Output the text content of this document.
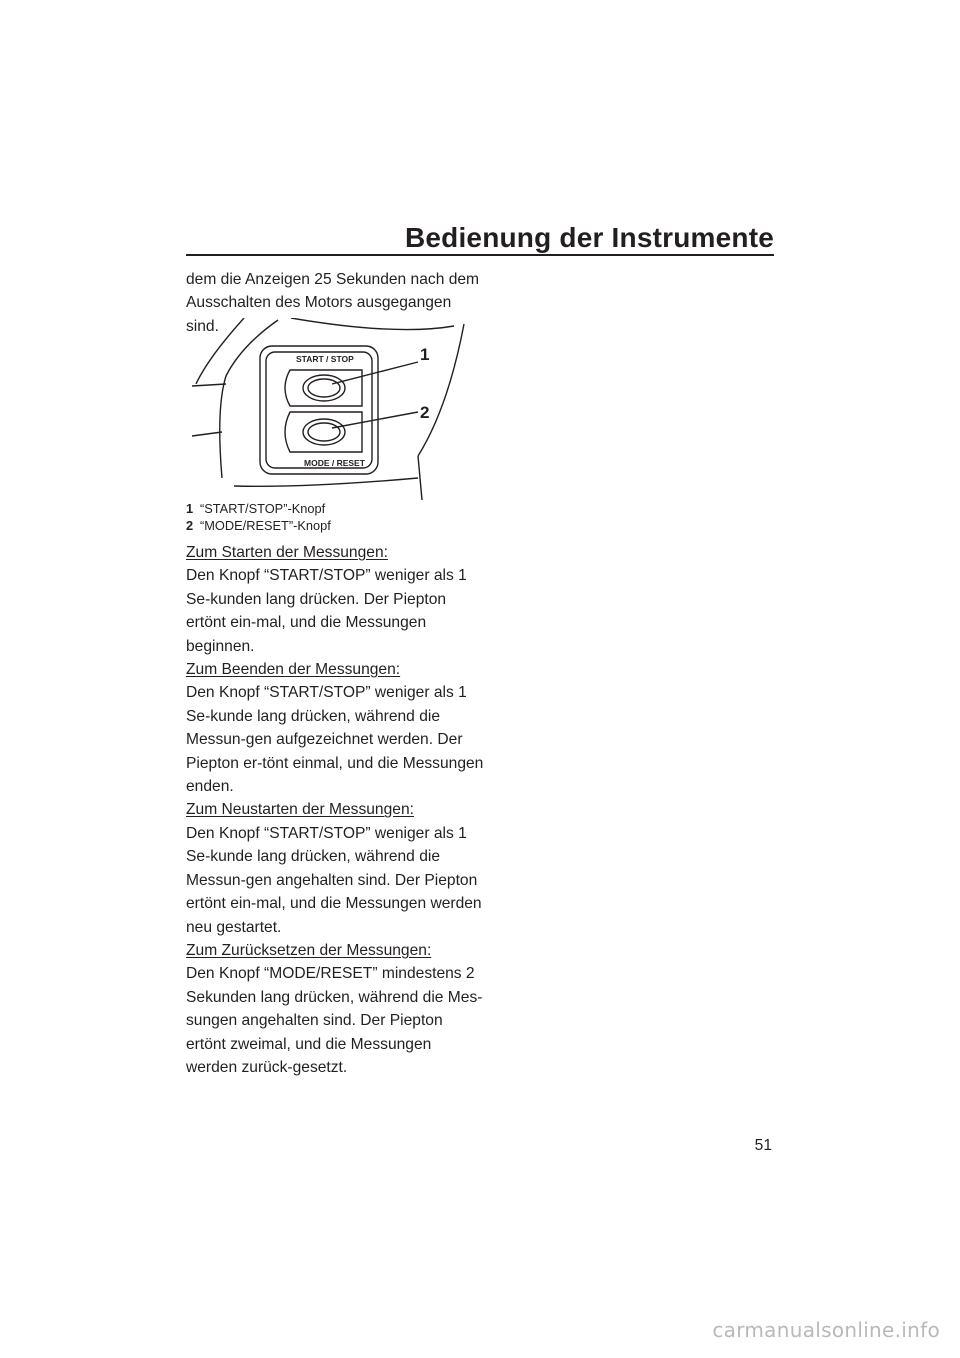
Bedienung der Instrumente
dem die Anzeigen 25 Sekunden nach dem Ausschalten des Motors ausgegangen sind.
START / STOP
MODE / RESET
1
2
1 “START/STOP”-Knopf
2 “MODE/RESET”-Knopf

Zum Starten der Messungen:

Den Knopf “START/STOP” weniger als 1 Se-kunden lang drücken. Der Piepton ertönt ein-mal, und die Messungen beginnen.

Zum Beenden der Messungen:

Den Knopf “START/STOP” weniger als 1 Se-kunde lang drücken, während die Messun-gen aufgezeichnet werden. Der Piepton er-tönt einmal, und die Messungen enden.

Zum Neustarten der Messungen:

Den Knopf “START/STOP” weniger als 1 Se-kunde lang drücken, während die Messun-gen angehalten sind. Der Piepton ertönt ein-mal, und die Messungen werden neu gestartet.

Zum Zurücksetzen der Messungen:

Den Knopf “MODE/RESET” mindestens 2 Sekunden lang drücken, während die Mes-sungen angehalten sind. Der Piepton ertönt zweimal, und die Messungen werden zurück-gesetzt.

51
carmanualsonline.info
